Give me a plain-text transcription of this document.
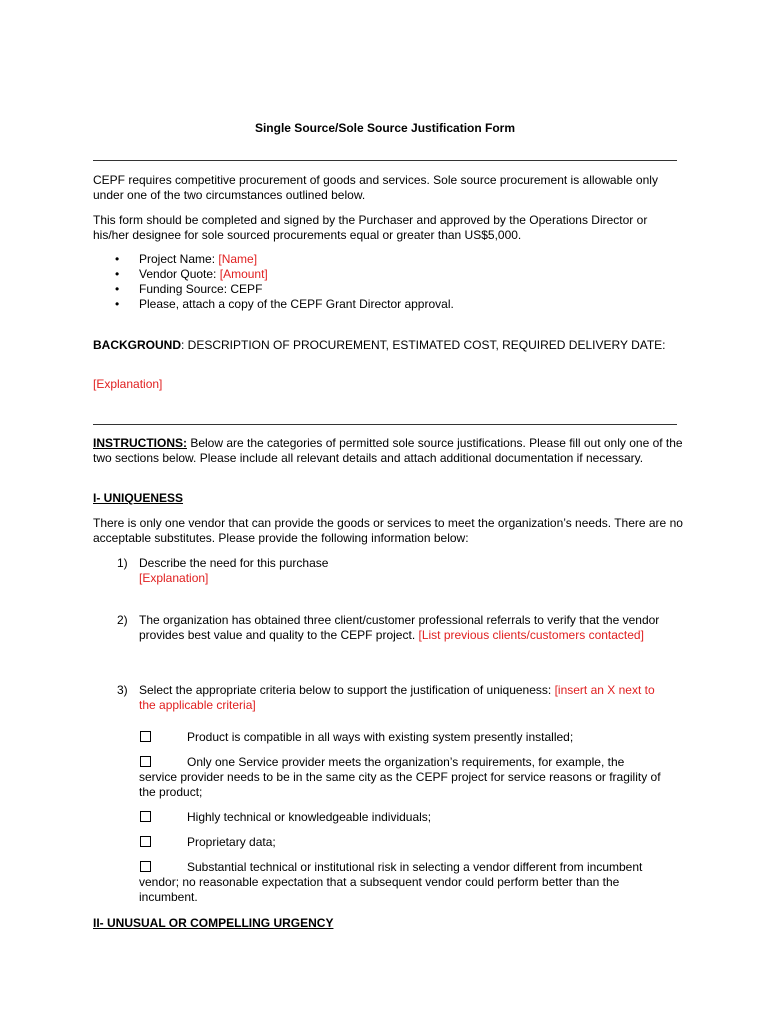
Single Source/Sole Source Justification Form
CEPF requires competitive procurement of goods and services. Sole source procurement is allowable only under one of the two circumstances outlined below.
This form should be completed and signed by the Purchaser and approved by the Operations Director or his/her designee for sole sourced procurements equal or greater than US$5,000.
• Project Name: [Name]
• Vendor Quote: [Amount]
• Funding Source: CEPF
• Please, attach a copy of the CEPF Grant Director approval.
BACKGROUND: DESCRIPTION OF PROCUREMENT, ESTIMATED COST, REQUIRED DELIVERY DATE:
[Explanation]
INSTRUCTIONS: Below are the categories of permitted sole source justifications. Please fill out only one of the two sections below. Please include all relevant details and attach additional documentation if necessary.
I- UNIQUENESS
There is only one vendor that can provide the goods or services to meet the organization’s needs. There are no acceptable substitutes. Please provide the following information below:
1) Describe the need for this purchase
[Explanation]
2) The organization has obtained three client/customer professional referrals to verify that the vendor provides best value and quality to the CEPF project. [List previous clients/customers contacted]
3) Select the appropriate criteria below to support the justification of uniqueness: [insert an X next to the applicable criteria]
Product is compatible in all ways with existing system presently installed;
Only one Service provider meets the organization’s requirements, for example, the service provider needs to be in the same city as the CEPF project for service reasons or fragility of the product;
Highly technical or knowledgeable individuals;
Proprietary data;
Substantial technical or institutional risk in selecting a vendor different from incumbent vendor; no reasonable expectation that a subsequent vendor could perform better than the incumbent.
II- UNUSUAL OR COMPELLING URGENCY
